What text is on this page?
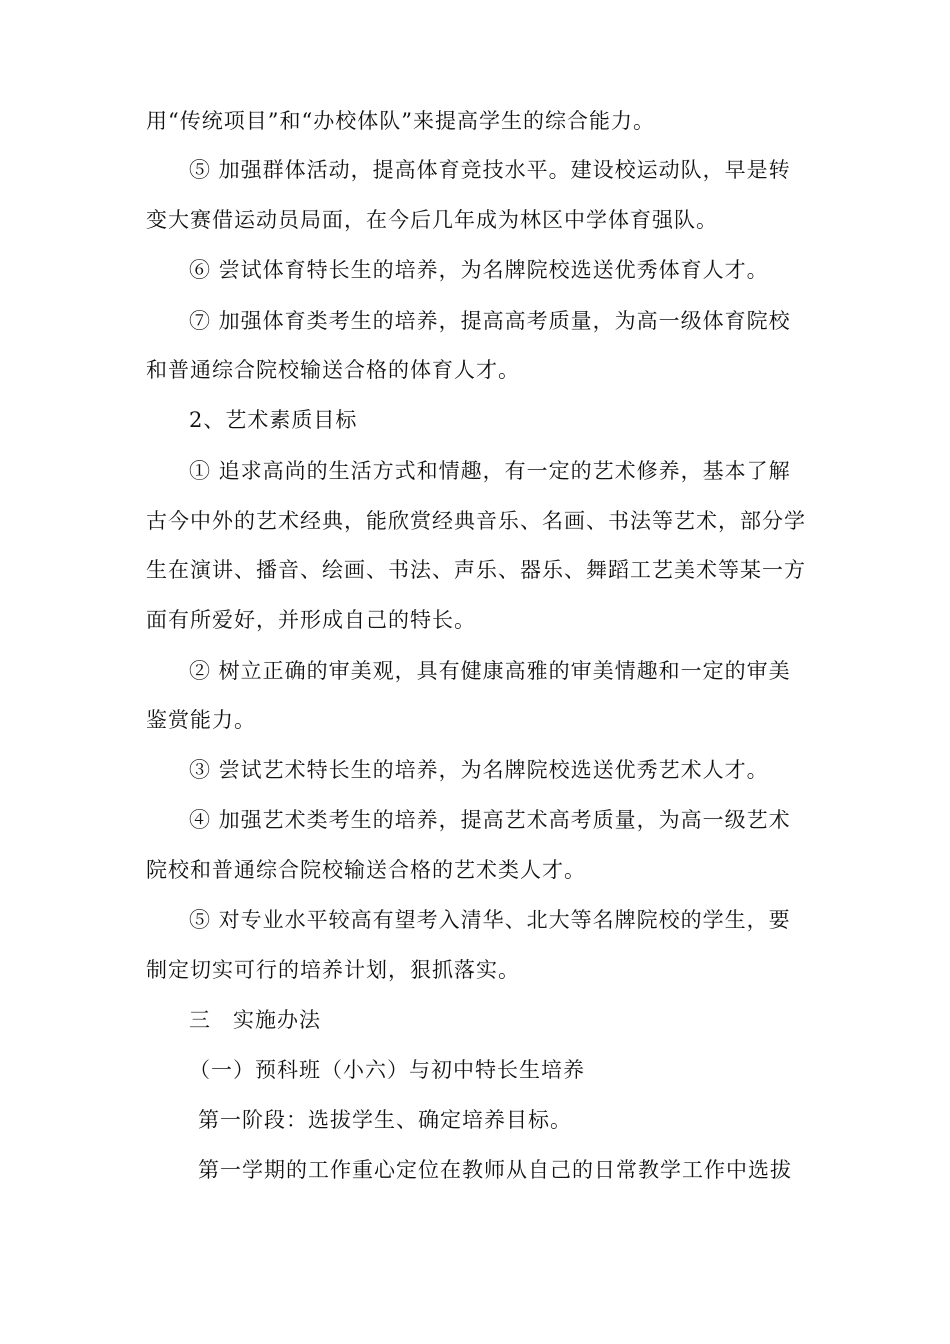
用“传统项目”和“办校体队”来提高学生的综合能力。
⑤ 加强群体活动，提高体育竞技水平。建设校运动队，早是转
变大赛借运动员局面，在今后几年成为林区中学体育强队。
⑥ 尝试体育特长生的培养，为名牌院校选送优秀体育人才。
⑦ 加强体育类考生的培养，提高高考质量，为高一级体育院校
和普通综合院校输送合格的体育人才。
2、艺术素质目标
① 追求高尚的生活方式和情趣，有一定的艺术修养，基本了解
古今中外的艺术经典，能欣赏经典音乐、名画、书法等艺术，部分学
生在演讲、播音、绘画、书法、声乐、器乐、舞蹈工艺美术等某一方
面有所爱好，并形成自己的特长。
② 树立正确的审美观，具有健康高雅的审美情趣和一定的审美
鉴赏能力。
③ 尝试艺术特长生的培养，为名牌院校选送优秀艺术人才。
④ 加强艺术类考生的培养，提高艺术高考质量，为高一级艺术
院校和普通综合院校输送合格的艺术类人才。
⑤ 对专业水平较高有望考入清华、北大等名牌院校的学生，要
制定切实可行的培养计划，狠抓落实。
三　实施办法
（一）预科班（小六）与初中特长生培养
第一阶段：选拔学生、确定培养目标。
第一学期的工作重心定位在教师从自己的日常教学工作中选拔
